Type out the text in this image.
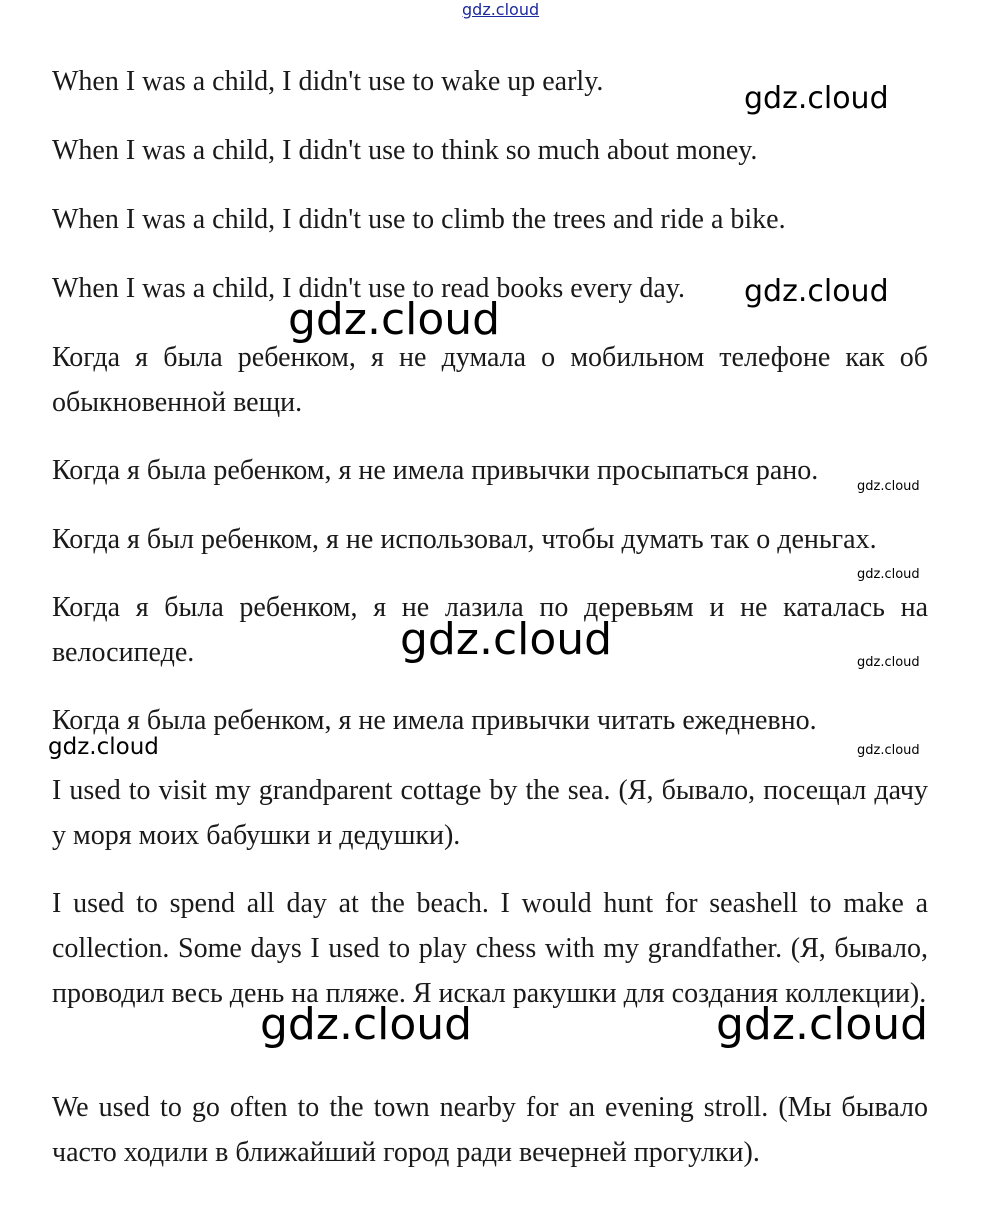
gdz.cloud

When I was a child, I didn't use to wake up early.

When I was a child, I didn't use to think so much about money.

When I was a child, I didn't use to climb the trees and ride a bike.

When I was a child, I didn't use to read books every day.

Когда я была ребенком, я не думала о мобильном телефоне как об обыкновенной вещи.

Когда я была ребенком, я не имела привычки просыпаться рано.

Когда я был ребенком, я не использовал, чтобы думать так о деньгах.

Когда я была ребенком, я не лазила по деревьям и не каталась на велосипеде.

Когда я была ребенком, я не имела привычки читать ежедневно.

I used to visit my grandparent cottage by the sea. (Я, бывало, посещал дачу у моря моих бабушки и дедушки).

I used to spend all day at the beach. I would hunt for seashell to make a collection. Some days I used to play chess with my grandfather. (Я, бывало, проводил весь день на пляже. Я искал ракушки для создания коллекции).

We used to go often to the town nearby for an evening stroll. (Мы бывало часто ходили в ближайший город ради вечерней прогулки).

gdz.cloud
gdz.cloud
gdz.cloud
gdz.cloud
gdz.cloud
gdz.cloud	gdz.cloud
gdz.cloud	gdz.cloud
gdz.cloud	gdz.cloud
